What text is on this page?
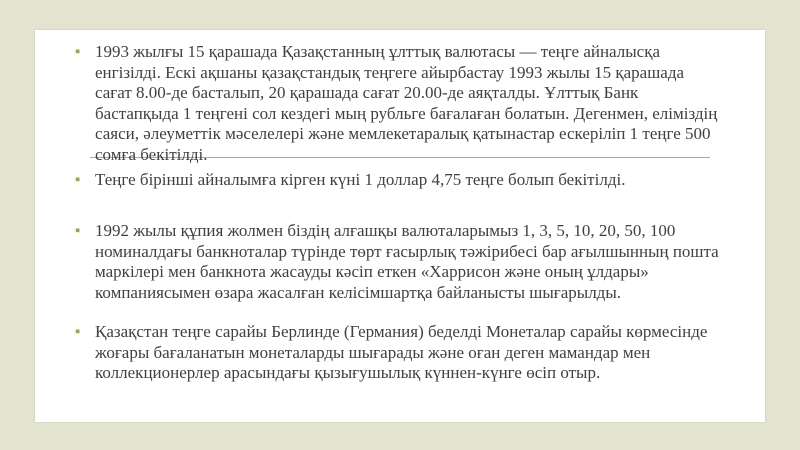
▪ 1993 жылғы 15 қарашада Қазақстанның ұлттық валютасы — теңге айналысқа енгізілді. Ескі ақшаны қазақстандық теңгеге айырбастау 1993 жылы 15 қарашада сағат 8.00-де басталып, 20 қарашада сағат 20.00-де аяқталды. Ұлттық Банк бастапқыда 1 теңгені сол кездегі мың рубльге бағалаған болатын. Дегенмен, еліміздің саяси, әлеуметтік мәселелері және мемлекетаралық қатынастар ескеріліп 1 теңге 500 сомға бекітілді.
▪ Теңге бірінші айналымға кірген күні 1 доллар 4,75 теңге болып бекітілді.
▪ 1992 жылы құпия жолмен біздің алғашқы валюталарымыз 1, 3, 5, 10, 20, 50, 100 номиналдағы банкноталар түрінде төрт ғасырлық тәжірибесі бар ағылшынның пошта маркілері мен банкнота жасауды кәсіп еткен «Харрисон және оның ұлдары» компаниясымен өзара жасалған келісімшартқа байланысты шығарылды.
▪ Қазақстан теңге сарайы Берлинде (Германия) беделді Монеталар сарайы көрмесінде жоғары бағаланатын монеталарды шығарады және оған деген мамандар мен коллекционерлер арасындағы қызығушылық күннен-күнге өсіп отыр.
